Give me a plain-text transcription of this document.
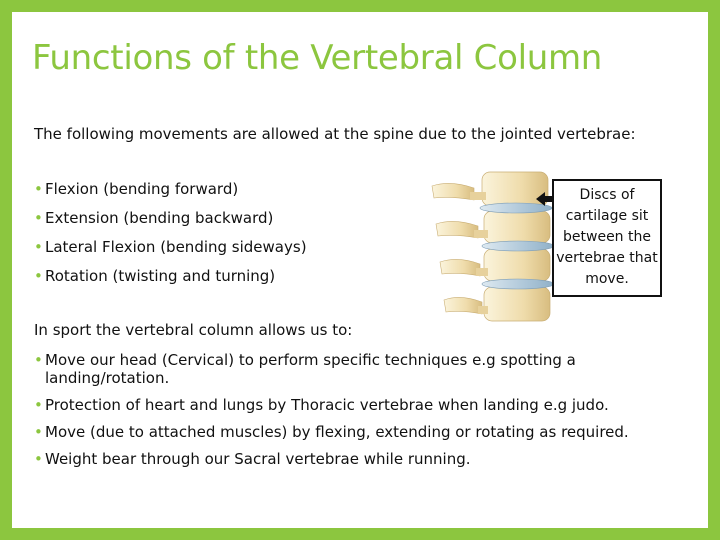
Functions of the Vertebral Column
The following movements are allowed at the spine due to the jointed vertebrae:
• Flexion (bending forward)
• Extension (bending backward)
• Lateral Flexion (bending sideways)
• Rotation (twisting and turning)
Discs of cartilage sit between the vertebrae that move.
In sport the vertebral column allows us to:
• Move our head (Cervical) to perform specific techniques e.g spotting a landing/rotation.
• Protection of heart and lungs by Thoracic vertebrae when landing e.g judo.
• Move (due to attached muscles) by flexing, extending or rotating as required.
• Weight bear through our Sacral vertebrae while running.
